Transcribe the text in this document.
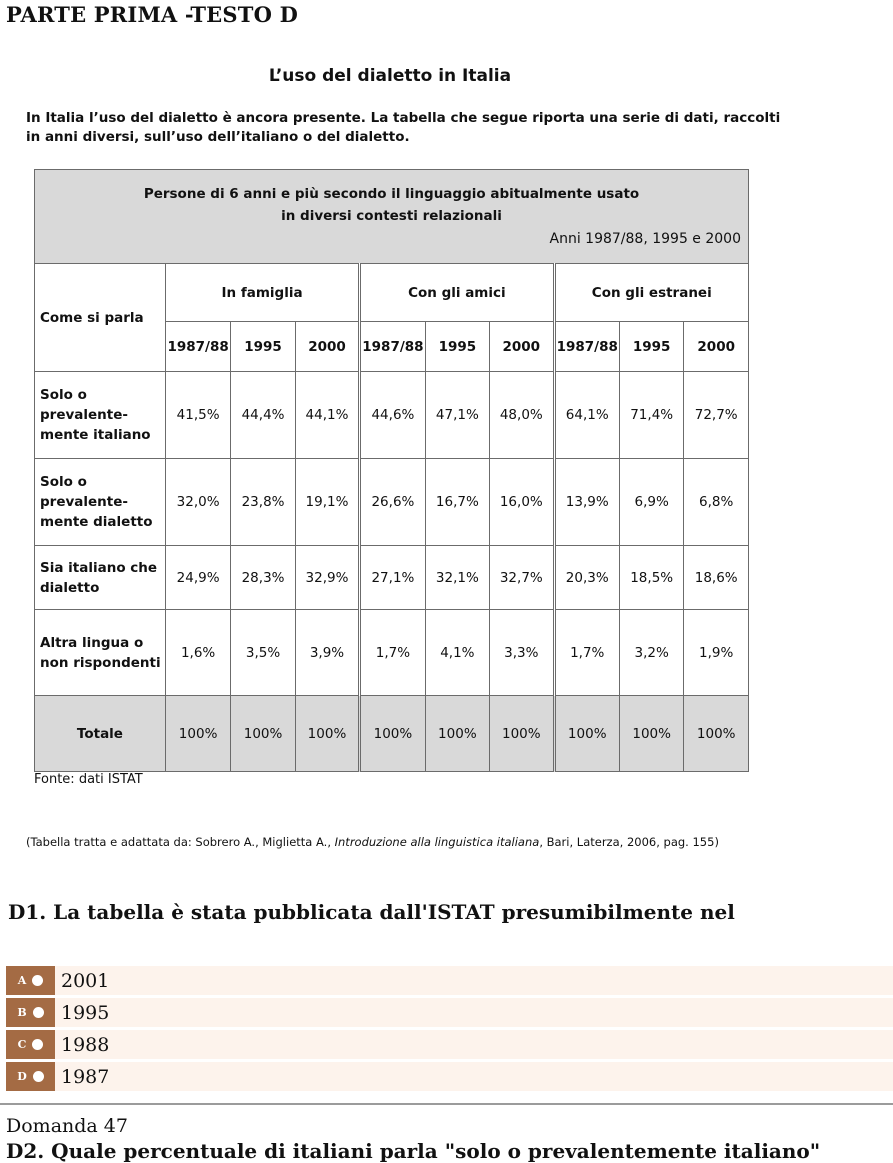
PARTE PRIMA -TESTO D
L’uso del dialetto in Italia
In Italia l’uso del dialetto è ancora presente. La tabella che segue riporta una serie di dati, raccolti in anni diversi, sull’uso dell’italiano o del dialetto.
Persone di 6 anni e più secondo il linguaggio abitualmente usato
in diversi contesti relazionali
Anni 1987/88, 1995 e 2000									

Come si parla	In famiglia			Con gli amici			Con gli estranei		
	1987/88	1995	2000	1987/88	1995	2000	1987/88	1995	2000
Solo o prevalente-mente italiano	41,5%	44,4%	44,1%	44,6%	47,1%	48,0%	64,1%	71,4%	72,7%
Solo o prevalente-mente dialetto	32,0%	23,8%	19,1%	26,6%	16,7%	16,0%	13,9%	6,9%	6,8%
Sia italiano che dialetto	24,9%	28,3%	32,9%	27,1%	32,1%	32,7%	20,3%	18,5%	18,6%
Altra lingua o non rispondenti	1,6%	3,5%	3,9%	1,7%	4,1%	3,3%	1,7%	3,2%	1,9%
Totale	100%	100%	100%	100%	100%	100%	100%	100%	100%
Fonte: dati ISTAT
(Tabella tratta e adattata da: Sobrero A., Miglietta A., Introduzione alla linguistica italiana, Bari, Laterza, 2006, pag. 155)
D1. La tabella è stata pubblicata dall'ISTAT presumibilmente nel
A 2001
B 1995
C 1988
D 1987
Domanda 47
D2. Quale percentuale di italiani parla "solo o prevalentemente italiano"
